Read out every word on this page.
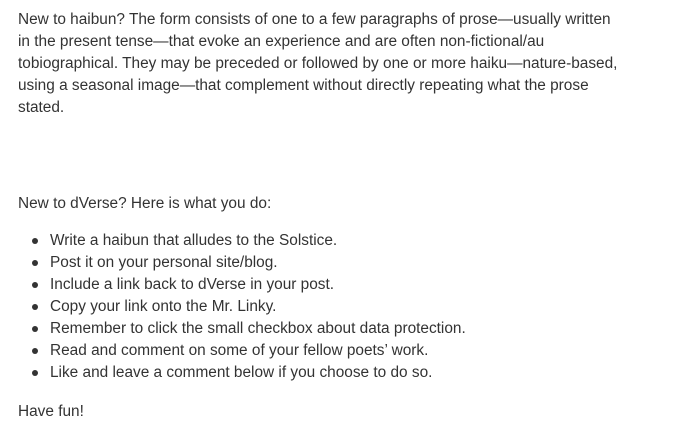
New to haibun? The form consists of one to a few paragraphs of prose—usually written
in the present tense—that evoke an experience and are often non-fictional/au
tobiographical. They may be preceded or followed by one or more haiku—nature-based,
using a seasonal image—that complement without directly repeating what the prose
stated.

New to dVerse? Here is what you do:

Write a haibun that alludes to the Solstice.
Post it on your personal site/blog.
Include a link back to dVerse in your post.
Copy your link onto the Mr. Linky.
Remember to click the small checkbox about data protection.
Read and comment on some of your fellow poets’ work.
Like and leave a comment below if you choose to do so.

Have fun!
